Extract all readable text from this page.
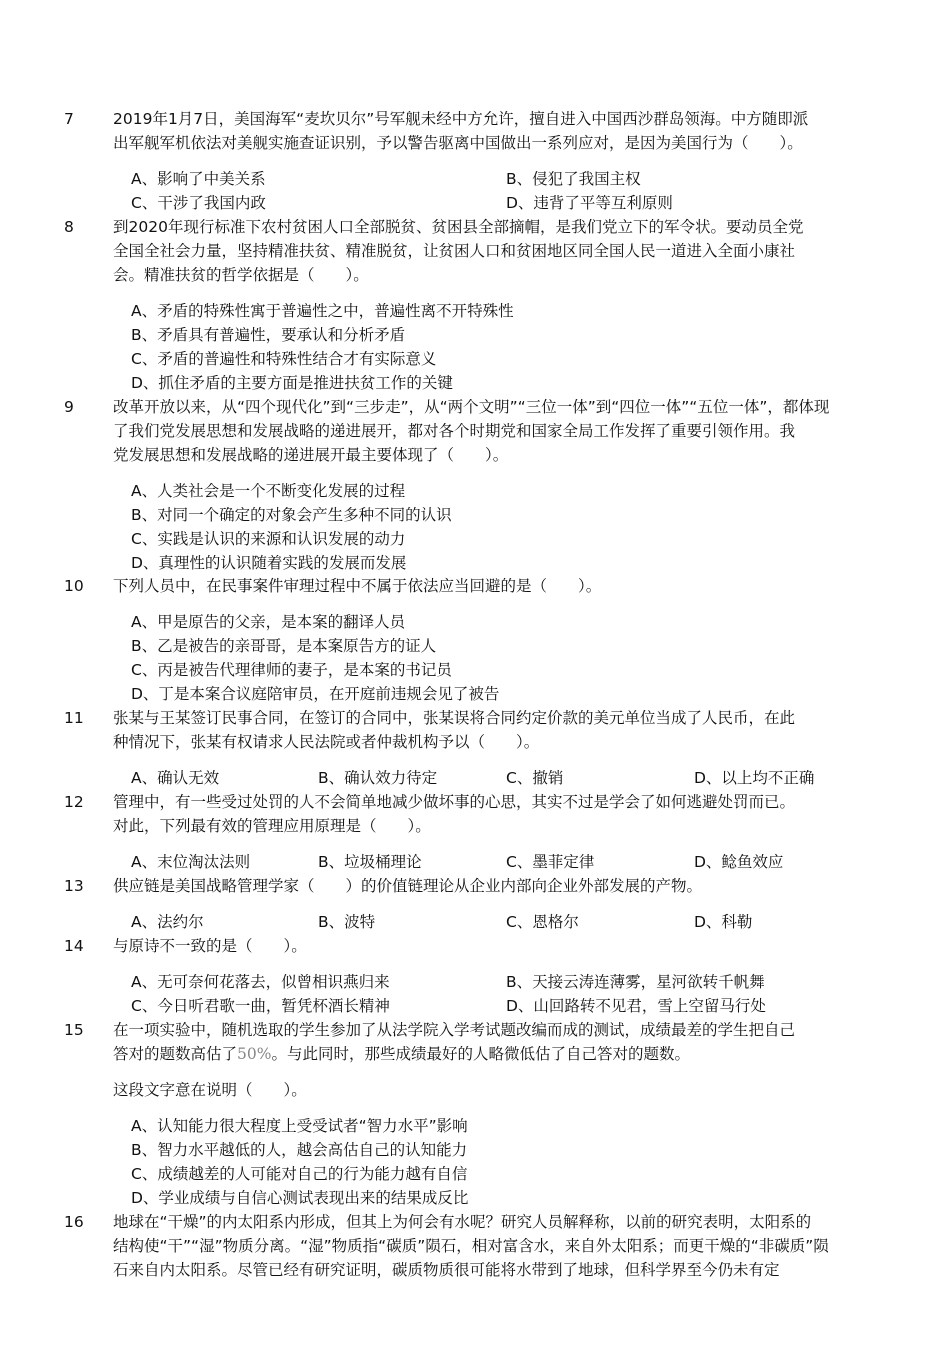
7	2019年1月7日，美国海军“麦坎贝尔”号军舰未经中方允许，擅自进入中国西沙群岛领海。中方随即派
出军舰军机依法对美舰实施查证识别，予以警告驱离中国做出一系列应对，是因为美国行为（　　）。
A、影响了中美关系	B、侵犯了我国主权
C、干涉了我国内政	D、违背了平等互利原则
8	到2020年现行标准下农村贫困人口全部脱贫、贫困县全部摘帽，是我们党立下的军令状。要动员全党
全国全社会力量，坚持精准扶贫、精准脱贫，让贫困人口和贫困地区同全国人民一道进入全面小康社
会。精准扶贫的哲学依据是（　　）。
A、矛盾的特殊性寓于普遍性之中，普遍性离不开特殊性
B、矛盾具有普遍性，要承认和分析矛盾
C、矛盾的普遍性和特殊性结合才有实际意义
D、抓住矛盾的主要方面是推进扶贫工作的关键
9	改革开放以来，从“四个现代化”到“三步走”，从“两个文明”“三位一体”到“四位一体”“五位一体”，都体现
了我们党发展思想和发展战略的递进展开，都对各个时期党和国家全局工作发挥了重要引领作用。我
党发展思想和发展战略的递进展开最主要体现了（　　）。
A、人类社会是一个不断变化发展的过程
B、对同一个确定的对象会产生多种不同的认识
C、实践是认识的来源和认识发展的动力
D、真理性的认识随着实践的发展而发展
10 下列人员中，在民事案件审理过程中不属于依法应当回避的是（　　）。
A、甲是原告的父亲，是本案的翻译人员
B、乙是被告的亲哥哥，是本案原告方的证人
C、丙是被告代理律师的妻子，是本案的书记员
D、丁是本案合议庭陪审员，在开庭前违规会见了被告
11 张某与王某签订民事合同，在签订的合同中，张某误将合同约定价款的美元单位当成了人民币，在此
种情况下，张某有权请求人民法院或者仲裁机构予以（　　）。
A、确认无效	B、确认效力待定	C、撤销	D、以上均不正确
12 管理中，有一些受过处罚的人不会简单地减少做坏事的心思，其实不过是学会了如何逃避处罚而已。
对此，下列最有效的管理应用原理是（　　）。
A、末位淘汰法则	B、垃圾桶理论	C、墨菲定律	D、鲶鱼效应
13 供应链是美国战略管理学家（　　）的价值链理论从企业内部向企业外部发展的产物。
A、法约尔	B、波特	C、恩格尔	D、科勒
14 与原诗不一致的是（　　）。
A、无可奈何花落去，似曾相识燕归来	B、天接云涛连薄雾，星河欲转千帆舞
C、今日听君歌一曲，暂凭杯酒长精神	D、山回路转不见君，雪上空留马行处
15 在一项实验中，随机选取的学生参加了从法学院入学考试题改编而成的测试，成绩最差的学生把自己
答对的题数高估了50%。与此同时，那些成绩最好的人略微低估了自己答对的题数。
这段文字意在说明（　　）。
A、认知能力很大程度上受受试者“智力水平”影响
B、智力水平越低的人，越会高估自己的认知能力
C、成绩越差的人可能对自己的行为能力越有自信
D、学业成绩与自信心测试表现出来的结果成反比
16 地球在“干燥”的内太阳系内形成，但其上为何会有水呢？研究人员解释称，以前的研究表明，太阳系的
结构使“干”“湿”物质分离。“湿”物质指“碳质”陨石，相对富含水，来自外太阳系；而更干燥的“非碳质”陨
石来自内太阳系。尽管已经有研究证明，碳质物质很可能将水带到了地球，但科学界至今仍未有定
